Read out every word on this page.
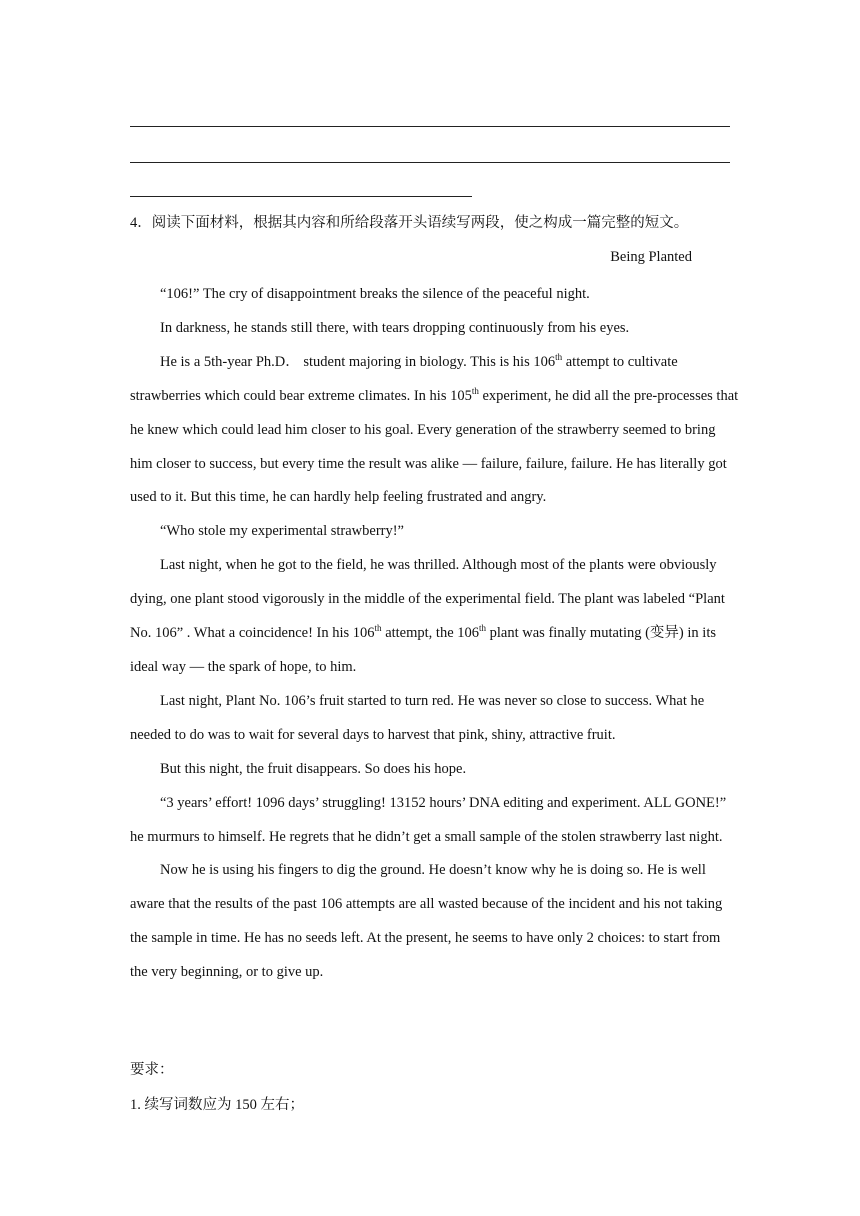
4．阅读下面材料，根据其内容和所给段落开头语续写两段，使之构成一篇完整的短文。
Being Planted

“106!” The cry of disappointment breaks the silence of the peaceful night.

In darkness, he stands still there, with tears dropping continuously from his eyes.

He is a 5th-year Ph.D． student majoring in biology. This is his 106th attempt to cultivate strawberries which could bear extreme climates. In his 105th experiment, he did all the pre-processes that he knew which could lead him closer to his goal. Every generation of the strawberry seemed to bring him closer to success, but every time the result was alike — failure, failure, failure. He has literally got used to it. But this time, he can hardly help feeling frustrated and angry.

“Who stole my experimental strawberry!”

Last night, when he got to the field, he was thrilled. Although most of the plants were obviously dying, one plant stood vigorously in the middle of the experimental field. The plant was labeled “Plant No. 106” . What a coincidence! In his 106th attempt, the 106th plant was finally mutating (变异) in its ideal way — the spark of hope, to him.

Last night, Plant No. 106’s fruit started to turn red. He was never so close to success. What he needed to do was to wait for several days to harvest that pink, shiny, attractive fruit.

But this night, the fruit disappears. So does his hope.

“3 years’ effort! 1096 days’ struggling! 13152 hours’ DNA editing and experiment. ALL GONE!” he murmurs to himself. He regrets that he didn’t get a small sample of the stolen strawberry last night.

Now he is using his fingers to dig the ground. He doesn’t know why he is doing so. He is well aware that the results of the past 106 attempts are all wasted because of the incident and his not taking the sample in time. He has no seeds left. At the present, he seems to have only 2 choices: to start from the very beginning, or to give up.

要求：
1. 续写词数应为 150 左右；
